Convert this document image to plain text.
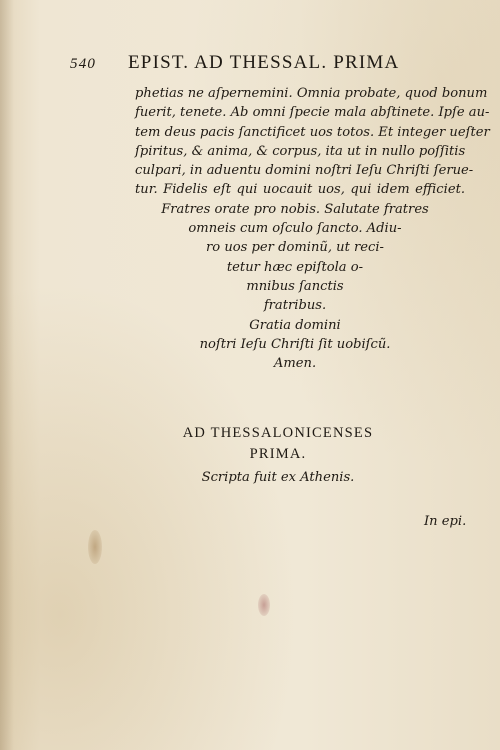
540 EPIST. AD THESSAL. PRIMA
phetias ne aſpernemini. Omnia probate, quod bonum
fuerit, tenete. Ab omni ſpecie mala abſtinete. Ipſe au-
tem deus pacis ſanctificet uos totos. Et integer ueſter
ſpiritus, & anima, & corpus, ita ut in nullo poſſitis
culpari, in aduentu domini noſtri Ieſu Chriſti ſerue-
tur. Fidelis eſt qui uocauit uos, qui idem efficiet.
Fratres orate pro nobis. Salutate fratres
omneis cum oſculo ſancto. Adiu-
ro uos per dominũ, ut reci-
tetur hæc epiſtola o-
mnibus ſanctis
fratribus.
Gratia domini
noſtri Ieſu Chriſti ſit uobiſcũ.
Amen.
AD THESSALONICENSES
PRIMA.
Scripta fuit ex Athenis.
In epi.
